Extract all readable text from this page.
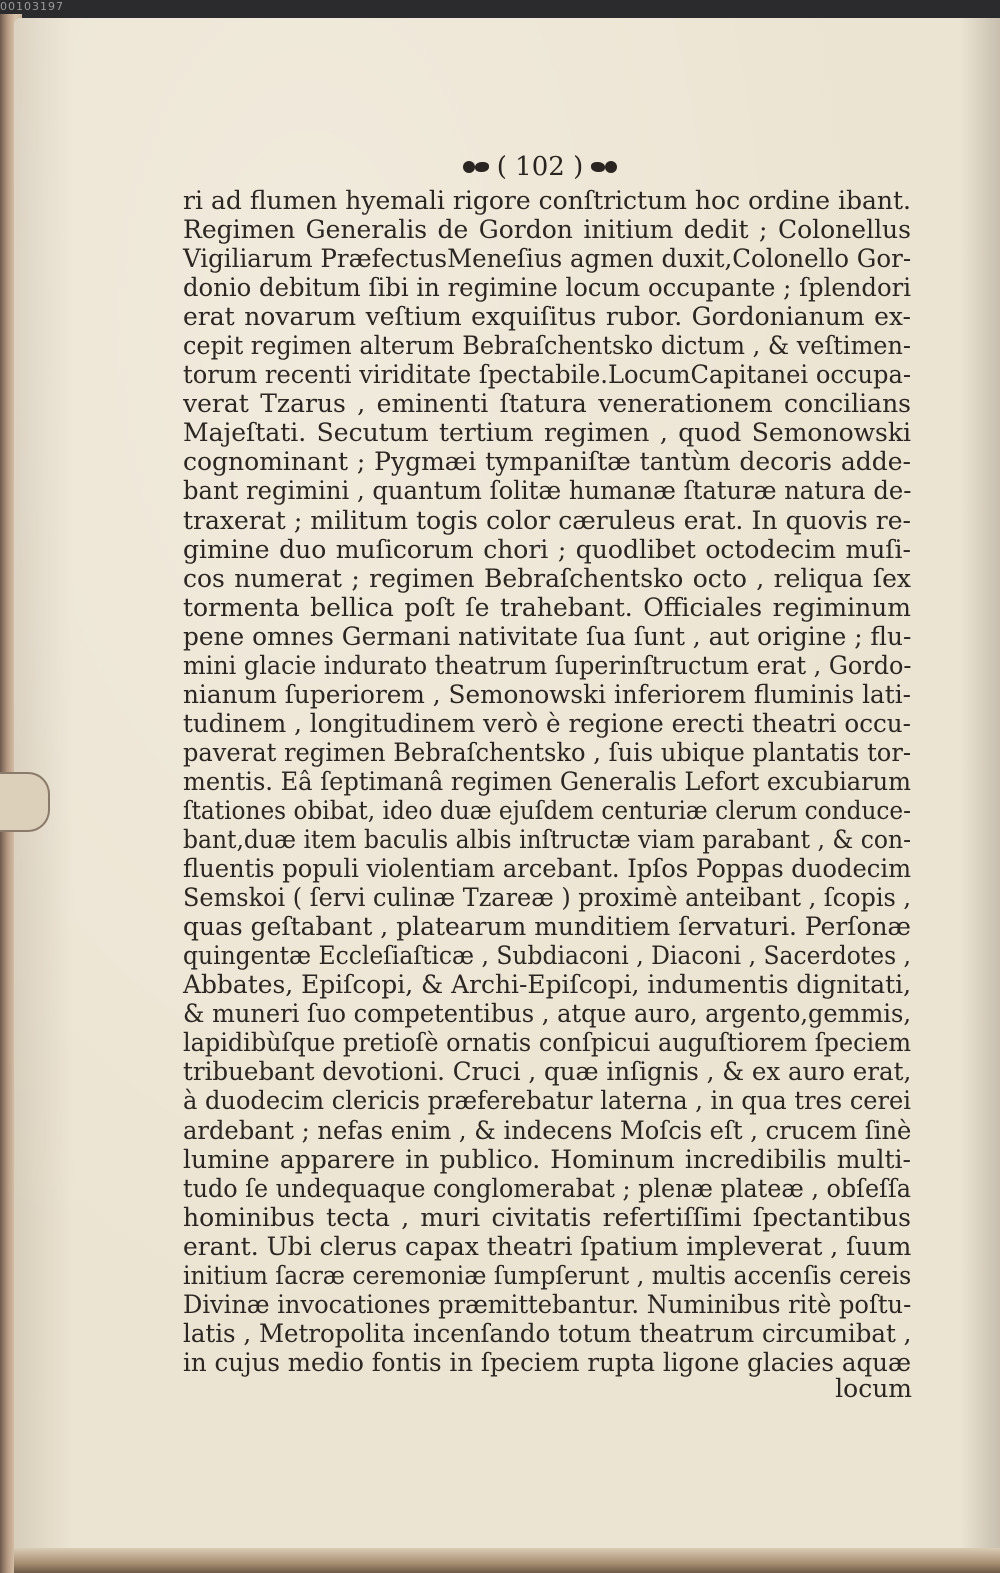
00103197
( 102 )
ri ad flumen hyemali rigore conſtrictum hoc ordine ibant.
Regimen Generalis de Gordon initium dedit ; Colonellus
Vigiliarum PræfectusMeneſius agmen duxit,Colonello Gor-
donio debitum ſibi in regimine locum occupante ; ſplendori
erat novarum veſtium exquiſitus rubor. Gordonianum ex-
cepit regimen alterum Bebraſchentsko dictum , & veſtimen-
torum recenti viriditate ſpectabile.LocumCapitanei occupa-
verat Tzarus , eminenti ſtatura venerationem concilians
Majeſtati. Secutum tertium regimen , quod Semonowski
cognominant ; Pygmæi tympaniſtæ tantùm decoris adde-
bant regimini , quantum ſolitæ humanæ ſtaturæ natura de-
traxerat ; militum togis color cæruleus erat. In quovis re-
gimine duo muſicorum chori ; quodlibet octodecim muſi-
cos numerat ; regimen Bebraſchentsko octo , reliqua ſex
tormenta bellica poſt ſe trahebant. Officiales regiminum
pene omnes Germani nativitate ſua ſunt , aut origine ; flu-
mini glacie indurato theatrum ſuperinſtructum erat , Gordo-
nianum ſuperiorem , Semonowski inferiorem fluminis lati-
tudinem , longitudinem verò è regione erecti theatri occu-
paverat regimen Bebraſchentsko , ſuis ubique plantatis tor-
mentis. Eâ ſeptimanâ regimen Generalis Lefort excubiarum
ſtationes obibat, ideo duæ ejuſdem centuriæ clerum conduce-
bant,duæ item baculis albis inſtructæ viam parabant , & con-
fluentis populi violentiam arcebant. Ipſos Poppas duodecim
Semskoi ( ſervi culinæ Tzareæ ) proximè anteibant , ſcopis ,
quas geſtabant , platearum munditiem ſervaturi. Perſonæ
quingentæ Eccleſiaſticæ , Subdiaconi , Diaconi , Sacerdotes ,
Abbates, Epiſcopi, & Archi-Epiſcopi, indumentis dignitati,
& muneri ſuo competentibus , atque auro, argento,gemmis,
lapidibùſque pretioſè ornatis conſpicui auguſtiorem ſpeciem
tribuebant devotioni. Cruci , quæ inſignis , & ex auro erat,
à duodecim clericis præferebatur laterna , in qua tres cerei
ardebant ; nefas enim , & indecens Moſcis eſt , crucem ſinè
lumine apparere in publico. Hominum incredibilis multi-
tudo ſe undequaque conglomerabat ; plenæ plateæ , obſeſſa
hominibus tecta , muri civitatis refertiſſimi ſpectantibus
erant. Ubi clerus capax theatri ſpatium impleverat , ſuum
initium ſacræ ceremoniæ ſumpſerunt , multis accenſis cereis
Divinæ invocationes præmittebantur. Numinibus ritè poſtu-
latis , Metropolita incenſando totum theatrum circumibat ,
in cujus medio fontis in ſpeciem rupta ligone glacies aquæ
locum
